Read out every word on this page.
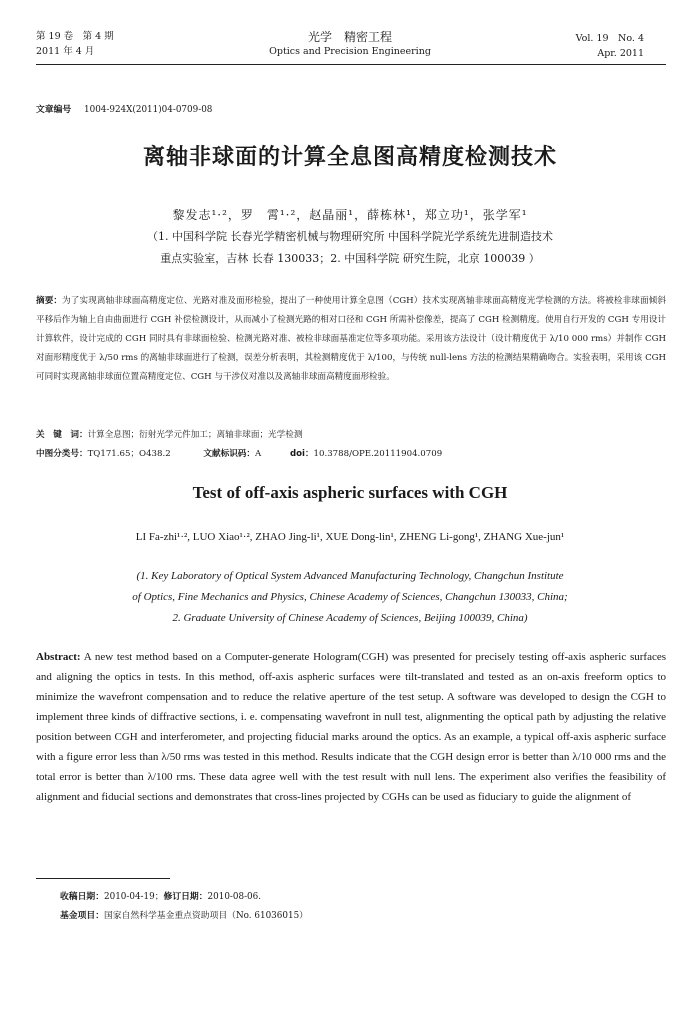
第 19 卷　第 4 期
2011 年 4 月
光学　精密工程
Optics and Precision Engineering
Vol. 19　No. 4
Apr. 2011
文章编号 1004-924X(2011)04-0709-08
离轴非球面的计算全息图高精度检测技术
黎发志¹·²，罗　霄¹·²，赵晶丽¹，薛栋林¹，郑立功¹，张学军¹
（1. 中国科学院 长春光学精密机械与物理研究所 中国科学院光学系统先进制造技术
重点实验室，吉林 长春 130033；2. 中国科学院 研究生院，北京 100039 ）
摘要：为了实现离轴非球面高精度定位、光路对准及面形检验，提出了一种使用计算全息图（CGH）技术实现离轴非球面高精度光学检测的方法。将被检非球面倾斜平移后作为轴上自由曲面进行 CGH 补偿检测设计，从而减小了检测光路的相对口径和 CGH 所需补偿像差，提高了 CGH 检测精度。使用自行开发的 CGH 专用设计计算软件，设计完成的 CGH 同时具有非球面检验、检测光路对准、被检非球面基准定位等多项功能。采用该方法设计（设计精度优于 λ/10 000 rms）并制作 CGH 对面形精度优于 λ/50 rms 的离轴非球面进行了检测，误差分析表明，其检测精度优于 λ/100，与传统 null-lens 方法的检测结果精确吻合。实验表明，采用该 CGH 可同时实现离轴非球面位置高精度定位、CGH 与干涉仪对准以及离轴非球面高精度面形检验。
关　键　词：计算全息图；衍射光学元件加工；离轴非球面；光学检测
中图分类号：TQ171.65；O438.2	文献标识码：A	doi：10.3788/OPE.20111904.0709
Test of off-axis aspheric surfaces with CGH
LI Fa-zhi¹·², LUO Xiao¹·², ZHAO Jing-li¹, XUE Dong-lin¹, ZHENG Li-gong¹, ZHANG Xue-jun¹
(1. Key Laboratory of Optical System Advanced Manufacturing Technology, Changchun Institute
of Optics, Fine Mechanics and Physics, Chinese Academy of Sciences, Changchun 130033, China;
2. Graduate University of Chinese Academy of Sciences, Beijing 100039, China)
Abstract: A new test method based on a Computer-generate Hologram(CGH) was presented for precisely testing off-axis aspheric surfaces and aligning the optics in tests. In this method, off-axis aspheric surfaces were tilt-translated and tested as an on-axis freeform optics to minimize the wavefront compensation and to reduce the relative aperture of the test setup. A software was developed to design the CGH to implement three kinds of diffractive sections, i. e. compensating wavefront in null test, alignmenting the optical path by adjusting the relative position between CGH and interferometer, and projecting fiducial marks around the optics. As an example, a typical off-axis aspheric surface with a figure error less than λ/50 rms was tested in this method. Results indicate that the CGH design error is better than λ/10 000 rms and the total error is better than λ/100 rms. These data agree well with the test result with null lens. The experiment also verifies the feasibility of alignment and fiducial sections and demonstrates that cross-lines projected by CGHs can be used as fiduciary to guide the alignment of
收稿日期：2010-04-19；修订日期：2010-08-06.
基金项目：国家自然科学基金重点资助项目（No. 61036015）
